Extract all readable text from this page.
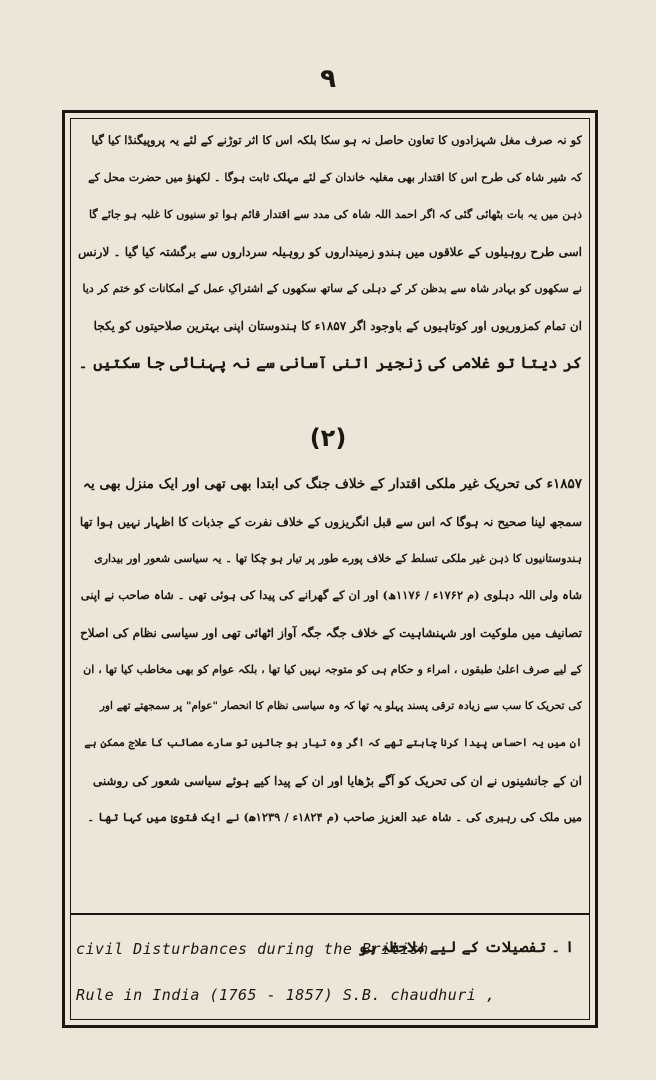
۹
کو نہ صرف مغل شہزادوں کا تعاون حاصل نہ ہو سکا بلکہ اس کا اثر توڑنے کے لئے یہ پروپیگنڈا کیا گیا
کہ شیر شاہ کی طرح اس کا اقتدار بھی مغلیہ خاندان کے لئے مہلک ثابت ہوگا ۔ لکھنؤ میں حضرت محل کے
ذہن میں یہ بات بٹھائی گئی کہ اگر احمد اللہ شاہ کی مدد سے اقتدار قائم ہوا تو سنیوں کا غلبہ ہو جائے گا
اسی طرح روہیلوں کے علاقوں میں ہندو زمینداروں کو روہیلہ سرداروں سے برگشتہ کیا گیا ۔ لارنس
نے سکھوں کو بہادر شاہ سے بدظن کر کے دہلی کے ساتھ سکھوں کے اشتراکِ عمل کے امکانات کو ختم کر دیا
ان تمام کمزوریوں اور کوتاہیوں کے باوجود اگر ۱۸۵۷ء کا ہندوستان اپنی بہترین صلاحیتوں کو یکجا
کر دیتا تو غلامی کی زنجیر اتنی آسانی سے نہ پہنائی جا سکتیں ۔
(۲)
۱۸۵۷ء کی تحریک غیر ملکی اقتدار کے خلاف جنگ کی ابتدا بھی تھی اور ایک منزل بھی یہ
سمجھ لینا صحیح نہ ہوگا کہ اس سے قبل انگریزوں کے خلاف نفرت کے جذبات کا اظہار نہیں ہوا تھا
ہندوستانیوں کا ذہن غیر ملکی تسلط کے خلاف پورے طور پر تیار ہو چکا تھا ۔ یہ سیاسی شعور اور بیداری
شاہ ولی اللہ دہلوی (م ۱۷۶۲ء / ۱۱۷۶ھ) اور ان کے گھرانے کی پیدا کی ہوئی تھی ۔ شاہ صاحب نے اپنی
تصانیف میں ملوکیت اور شہنشاہیت کے خلاف جگہ جگہ آواز اٹھائی تھی اور سیاسی نظام کی اصلاح
کے لیے صرف اعلیٰ طبقوں ، امراء و حکام ہی کو متوجہ نہیں کیا تھا ، بلکہ عوام کو بھی مخاطب کیا تھا ، ان
کی تحریک کا سب سے زیادہ ترقی پسند پہلو یہ تھا کہ وہ سیاسی نظام کا انحصار "عوام" پر سمجھتے تھے اور
ان میں یہ احساس پیدا کرنا چاہتے تھے کہ اگر وہ تیار ہو جائیں تو سارے مصائب کا علاج ممکن ہے
ان کے جانشینوں نے ان کی تحریک کو آگے بڑھایا اور ان کے پیدا کیے ہوئے سیاسی شعور کی روشنی
میں ملک کی رہبری کی ۔ شاہ عبد العزیز صاحب (م ۱۸۲۴ء / ۱۲۳۹ھ) نے ایک فتویٰ میں کہا تھا ۔
ا ۔ تفصیلات کے لیے ملاحظہ ہو
civil Disturbances during the British
Rule in India (1765 - 1857) S.B. chaudhuri ,
